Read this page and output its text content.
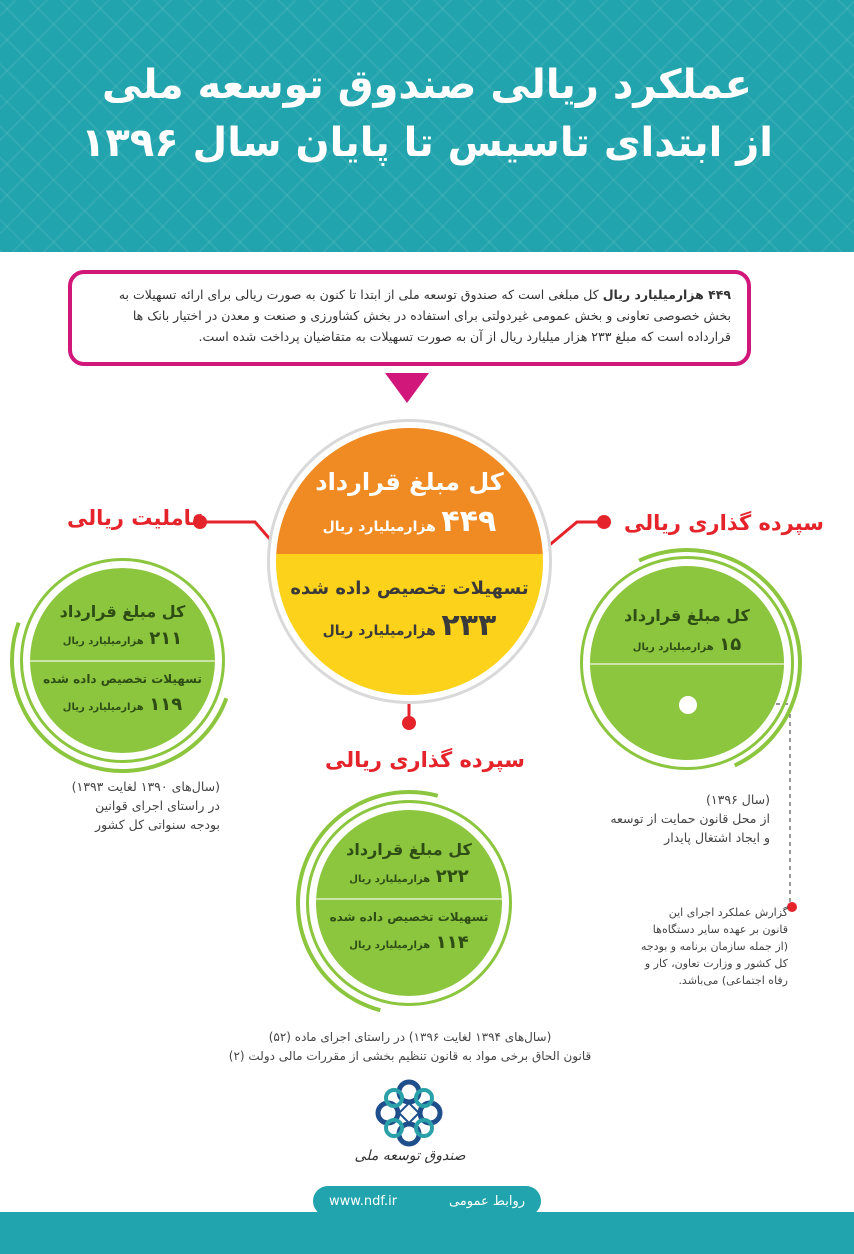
عملکرد ریالی صندوق توسعه ملی
از ابتدای تاسیس تا پایان سال ۱۳۹۶
۴۴۹ هزارمیلیارد ریال کل مبلغی است که صندوق توسعه ملی از ابتدا تا کنون به صورت ریالی برای ارائه تسهیلات به بخش خصوصی تعاونی و بخش عمومی غیردولتی برای استفاده در بخش کشاورزی و صنعت و معدن در اختیار بانک ها قرارداده است که مبلغ ۲۳۳ هزار میلیارد ریال از آن به صورت تسهیلات به متقاضیان پرداخت شده است.
کل مبلغ قرارداد
۴۴۹ هزارمیلیارد ریال
تسهیلات تخصیص داده شده
۲۳۳ هزارمیلیارد ریال
عاملیت ریالی
کل مبلغ قرارداد
۲۱۱ هزارمیلیارد ریال
تسهیلات تخصیص داده شده
۱۱۹ هزارمیلیارد ریال
(سال‌های ۱۳۹۰ لغایت ۱۳۹۳)
در راستای اجرای قوانین
بودجه سنواتی کل کشور
سپرده گذاری ریالی
کل مبلغ قرارداد
۱۵ هزارمیلیارد ریال
(سال ۱۳۹۶)
از محل قانون حمایت از توسعه
و ایجاد اشتغال پایدار
گزارش عملکرد اجرای این
قانون بر عهده سایر دستگاه‌ها
(از جمله سازمان برنامه و بودجه
کل کشور و وزارت تعاون، کار و
رفاه اجتماعی) می‌باشد.
سپرده گذاری ریالی
کل مبلغ قرارداد
۲۲۲ هزارمیلیارد ریال
تسهیلات تخصیص داده شده
۱۱۴ هزارمیلیارد ریال
(سال‌های ۱۳۹۴ لغایت ۱۳۹۶) در راستای اجرای ماده (۵۲)
قانون الحاق برخی مواد به قانون تنظیم بخشی از مقررات مالی دولت (۲)
صندوق توسعه ملی
www.ndf.ir	روابط عمومی
